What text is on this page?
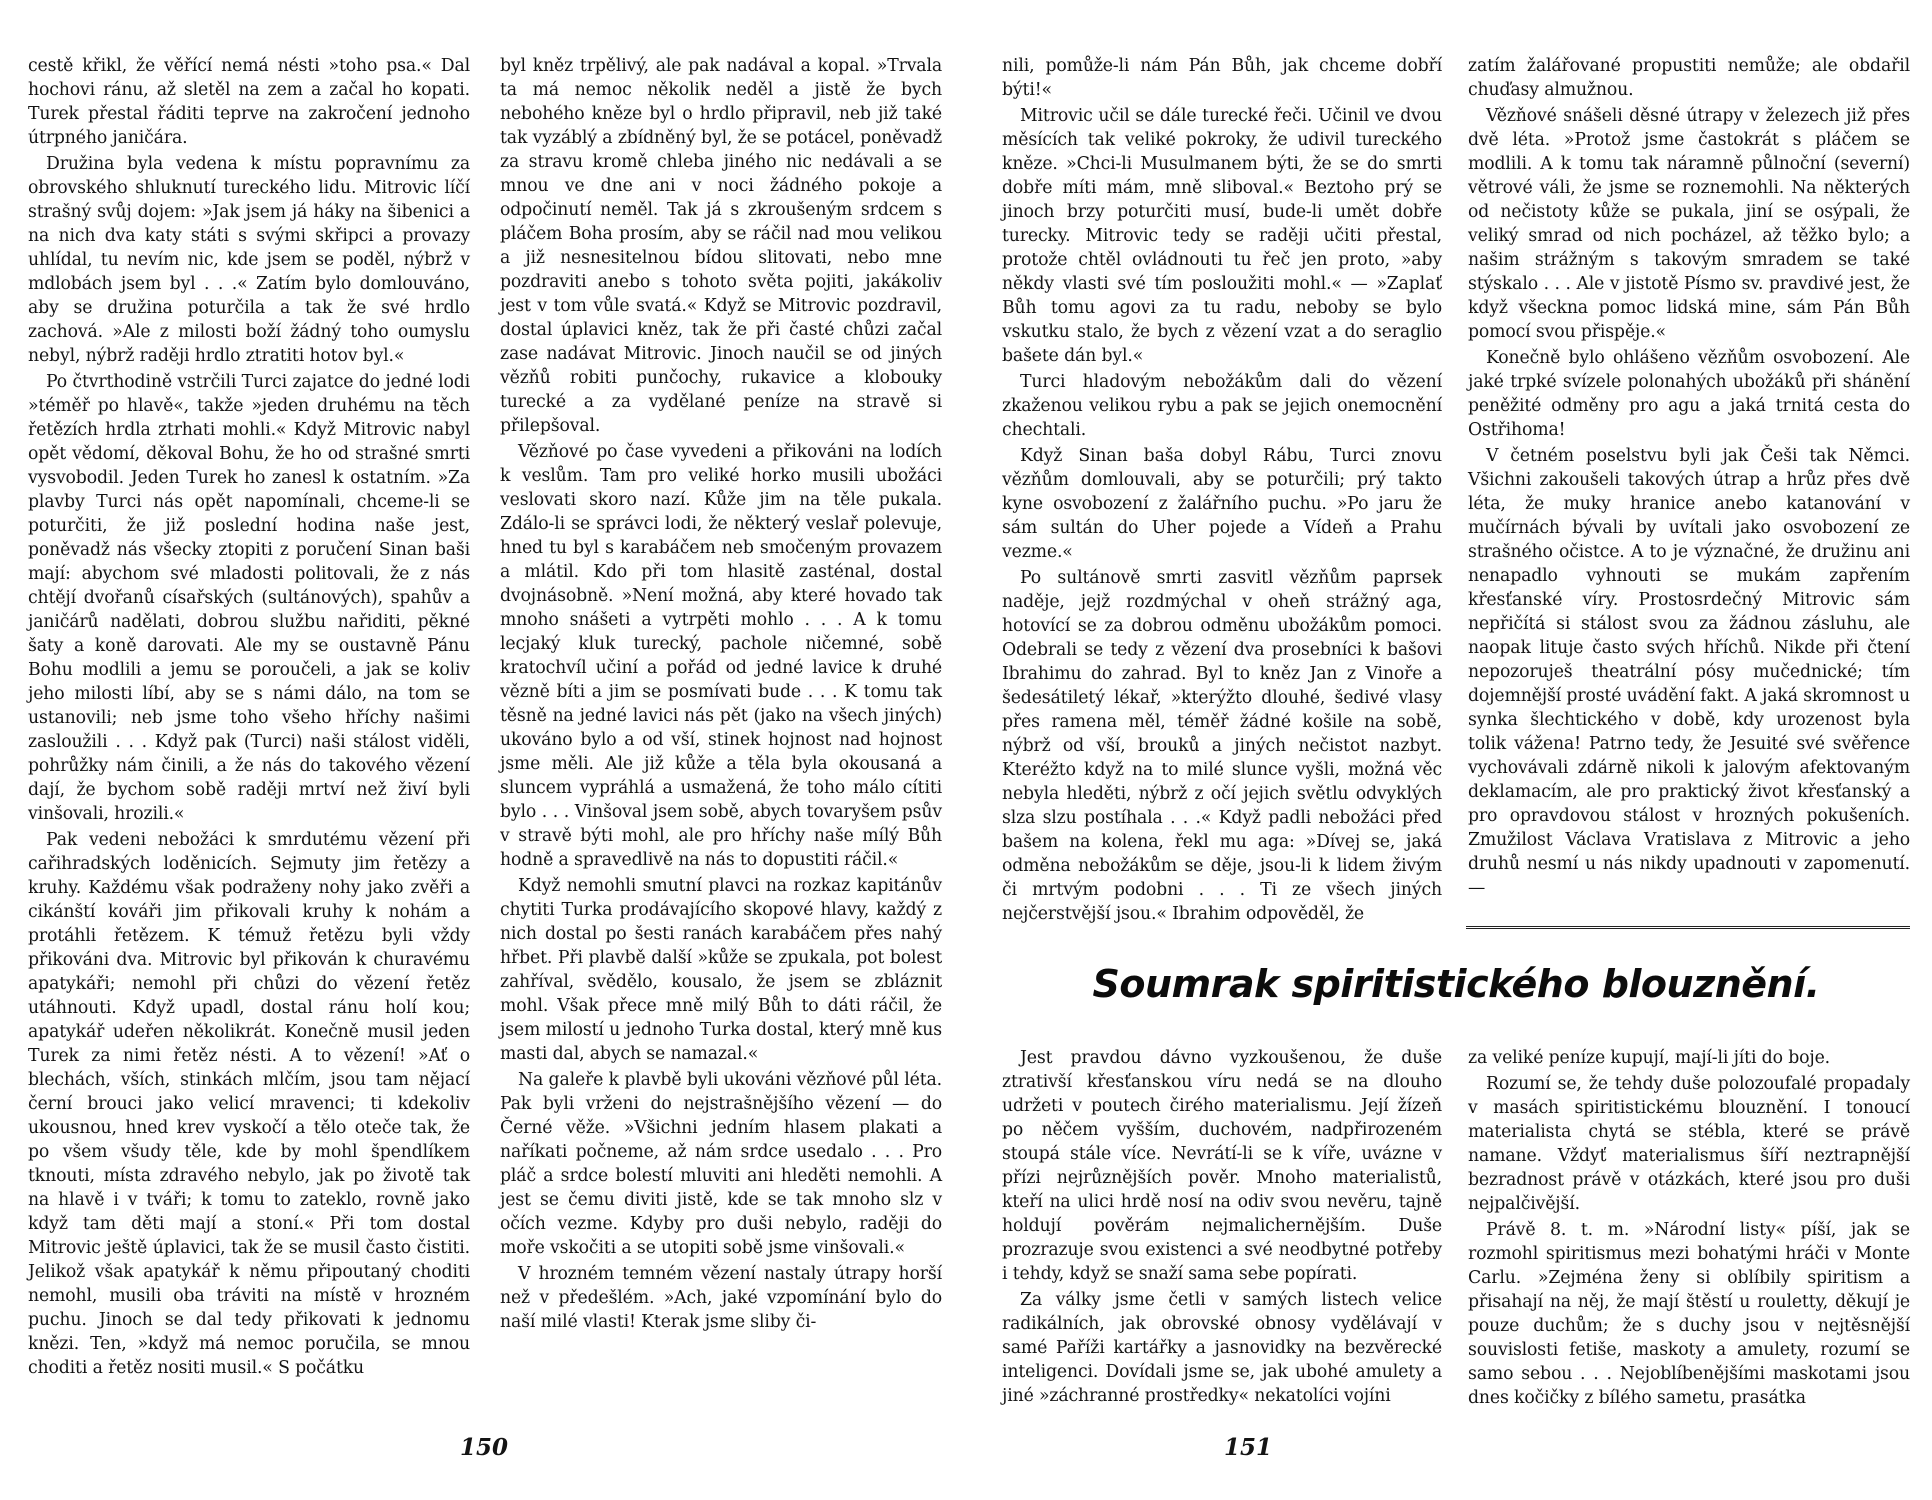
cestě křikl, že věřící nemá nésti »toho psa.« Dal hochovi ránu, až sletěl na zem a začal ho kopati. Turek přestal řáditi teprve na zakročení jednoho útrpného janičára.

Družina byla vedena k místu popravnímu za obrovského shluknutí tureckého lidu. Mitrovic líčí strašný svůj dojem: »Jak jsem já háky na šibenici a na nich dva katy státi s svými skřipci a provazy uhlídal, tu nevím nic, kde jsem se poděl, nýbrž v mdlobách jsem byl . . .« Zatím bylo domlouváno, aby se družina poturčila a tak že své hrdlo zachová. »Ale z milosti boží žádný toho oumyslu nebyl, nýbrž raději hrdlo ztratiti hotov byl.«

Po čtvrthodině vstrčili Turci zajatce do jedné lodi »téměř po hlavě«, takže »jeden druhému na těch řetězích hrdla ztrhati mohli.« Když Mitrovic nabyl opět vědomí, děkoval Bohu, že ho od strašné smrti vysvobodil. Jeden Turek ho zanesl k ostatním. »Za plavby Turci nás opět napomínali, chceme-li se poturčiti, že již poslední hodina naše jest, poněvadž nás všecky ztopiti z poručení Sinan baši mají: abychom své mladosti politovali, že z nás chtějí dvořanů císařských (sultánových), spahův a janičárů nadělati, dobrou službu nařiditi, pěkné šaty a koně darovati. Ale my se oustavně Pánu Bohu modlili a jemu se poroučeli, a jak se koliv jeho milosti líbí, aby se s námi dálo, na tom se ustanovili; neb jsme toho všeho hříchy našimi zasloužili . . . Když pak (Turci) naši stálost viděli, pohrůžky nám činili, a že nás do takového vězení dají, že bychom sobě raději mrtví než živí byli vinšovali, hrozili.«

Pak vedeni nebožáci k smrdutému vězení při cařihradských loděnicích. Sejmuty jim řetězy a kruhy. Každému však podraženy nohy jako zvěři a cikánští kováři jim přikovali kruhy k nohám a protáhli řetězem. K témuž řetězu byli vždy přikováni dva. Mitrovic byl přikován k churavému apatykáři; nemohl při chůzi do vězení řetěz utáhnouti. Když upadl, dostal ránu holí kou; apatykář udeřen několikrát. Konečně musil jeden Turek za nimi řetěz nésti. A to vězení! »Ať o blechách, vších, stinkách mlčím, jsou tam nějací černí brouci jako velicí mravenci; ti kdekoliv ukousnou, hned krev vyskočí a tělo oteče tak, že po všem všudy těle, kde by mohl špendlíkem tknouti, místa zdravého nebylo, jak po životě tak na hlavě i v tváři; k tomu to zateklo, rovně jako když tam děti mají a stoní.« Při tom dostal Mitrovic ještě úplavici, tak že se musil často čistiti. Jelikož však apatykář k němu připoutaný choditi nemohl, musili oba tráviti na místě v hrozném puchu. Jinoch se dal tedy přikovati k jednomu knězi. Ten, »když má nemoc poručila, se mnou choditi a řetěz nositi musil.« S počátku

byl kněz trpělivý, ale pak nadával a kopal. »Trvala ta má nemoc několik neděl a jistě že bych nebohého kněze byl o hrdlo připravil, neb již také tak vyzáblý a zbídněný byl, že se potácel, poněvadž za stravu kromě chleba jiného nic nedávali a se mnou ve dne ani v noci žádného pokoje a odpočinutí neměl. Tak já s zkroušeným srdcem s pláčem Boha prosím, aby se ráčil nad mou velikou a již nesnesitelnou bídou slitovati, nebo mne pozdraviti anebo s tohoto světa pojiti, jakákoliv jest v tom vůle svatá.« Když se Mitrovic pozdravil, dostal úplavici kněz, tak že při časté chůzi začal zase nadávat Mitrovic. Jinoch naučil se od jiných vězňů robiti punčochy, rukavice a klobouky turecké a za vydělané peníze na stravě si přilepšoval.

Vězňové po čase vyvedeni a přikováni na lodích k veslům. Tam pro veliké horko musili ubožáci veslovati skoro nazí. Kůže jim na těle pukala. Zdálo-li se správci lodi, že některý veslař polevuje, hned tu byl s karabáčem neb smočeným provazem a mlátil. Kdo při tom hlasitě zasténal, dostal dvojnásobně. »Není možná, aby které hovado tak mnoho snášeti a vytrpěti mohlo . . . A k tomu lecjaký kluk turecký, pachole ničemné, sobě kratochvíl učiní a pořád od jedné lavice k druhé vězně bíti a jim se posmívati bude . . . K tomu tak těsně na jedné lavici nás pět (jako na všech jiných) ukováno bylo a od vší, stinek hojnost nad hojnost jsme měli. Ale již kůže a těla byla okousaná a sluncem vypráhlá a usmažená, že toho málo cítiti bylo . . . Vinšoval jsem sobě, abych tovaryšem psův v stravě býti mohl, ale pro hříchy naše mílý Bůh hodně a spravedlivě na nás to dopustiti ráčil.«

Když nemohli smutní plavci na rozkaz kapitánův chytiti Turka prodávajícího skopové hlavy, každý z nich dostal po šesti ranách karabáčem přes nahý hřbet. Při plavbě další »kůže se zpukala, pot bolest zahříval, svědělo, kousalo, že jsem se zbláznit mohl. Však přece mně milý Bůh to dáti ráčil, že jsem milostí u jednoho Turka dostal, který mně kus masti dal, abych se namazal.«

Na galeře k plavbě byli ukováni vězňové půl léta. Pak byli vrženi do nejstrašnějšího vězení — do Černé věže. »Všichni jedním hlasem plakati a naříkati počneme, až nám srdce usedalo . . . Pro pláč a srdce bolestí mluviti ani hleděti nemohli. A jest se čemu diviti jistě, kde se tak mnoho slz v očích vezme. Kdyby pro duši nebylo, raději do moře vskočiti a se utopiti sobě jsme vinšovali.«

V hrozném temném vězení nastaly útrapy horší než v předešlém. »Ach, jaké vzpomínání bylo do naší milé vlasti! Kterak jsme sliby či-

150

nili, pomůže-li nám Pán Bůh, jak chceme dobří býti!«

Mitrovic učil se dále turecké řeči. Učinil ve dvou měsících tak veliké pokroky, že udivil tureckého kněze. »Chci-li Musulmanem býti, že se do smrti dobře míti mám, mně sliboval.« Beztoho prý se jinoch brzy poturčiti musí, bude-li umět dobře turecky. Mitrovic tedy se raději učiti přestal, protože chtěl ovládnouti tu řeč jen proto, »aby někdy vlasti své tím posloužiti mohl.« — »Zaplať Bůh tomu agovi za tu radu, neboby se bylo vskutku stalo, že bych z vězení vzat a do seraglio bašete dán byl.«

Turci hladovým nebožákům dali do vězení zkaženou velikou rybu a pak se jejich onemocnění chechtali.

Když Sinan baša dobyl Rábu, Turci znovu vězňům domlouvali, aby se poturčili; prý takto kyne osvobození z žalářního puchu. »Po jaru že sám sultán do Uher pojede a Vídeň a Prahu vezme.«

Po sultánově smrti zasvitl vězňům paprsek naděje, jejž rozdmýchal v oheň strážný aga, hotovící se za dobrou odměnu ubožákům pomoci. Odebrali se tedy z vězení dva prosebníci k bašovi Ibrahimu do zahrad. Byl to kněz Jan z Vinoře a šedesátiletý lékař, »kterýžto dlouhé, šedivé vlasy přes ramena měl, téměř žádné košile na sobě, nýbrž od vší, brouků a jiných nečistot nazbyt. Kteréžto když na to milé slunce vyšli, možná věc nebyla hleděti, nýbrž z očí jejich světlu odvyklých slza slzu postíhala . . .« Když padli nebožáci před bašem na kolena, řekl mu aga: »Dívej se, jaká odměna nebožákům se děje, jsou-li k lidem živým či mrtvým podobni . . . Ti ze všech jiných nejčerstvější jsou.« Ibrahim odpověděl, že

zatím žalářované propustiti nemůže; ale obdařil chuďasy almužnou.

Vězňové snášeli děsné útrapy v železech již přes dvě léta. »Protož jsme častokrát s pláčem se modlili. A k tomu tak náramně půlnoční (severní) větrové váli, že jsme se roznemohli. Na některých od nečistoty kůže se pukala, jiní se osýpali, že veliký smrad od nich pocházel, až těžko bylo; a našim strážným s takovým smradem se také stýskalo . . . Ale v jistotě Písmo sv. pravdivé jest, že když všeckna pomoc lidská mine, sám Pán Bůh pomocí svou přispěje.«

Konečně bylo ohlášeno vězňům osvobození. Ale jaké trpké svízele polonahých ubožáků při shánění peněžité odměny pro agu a jaká trnitá cesta do Ostřihoma!

V četném poselstvu byli jak Češi tak Němci. Všichni zakoušeli takových útrap a hrůz přes dvě léta, že muky hranice anebo katanování v mučírnách bývali by uvítali jako osvobození ze strašného očistce. A to je význačné, že družinu ani nenapadlo vyhnouti se mukám zapřením křesťanské víry. Prostosrdečný Mitrovic sám nepřičítá si stálost svou za žádnou zásluhu, ale naopak lituje často svých hříchů. Nikde při čtení nepozoruješ theatrální pósy mučednické; tím dojemnější prosté uvádění fakt. A jaká skromnost u synka šlechtického v době, kdy urozenost byla tolik vážena! Patrno tedy, že Jesuité své svěřence vychovávali zdárně nikoli k jalovým afektovaným deklamacím, ale pro praktický život křesťanský a pro opravdovou stálost v hrozných pokušeních. Zmužilost Václava Vratislava z Mitrovic a jeho druhů nesmí u nás nikdy upadnouti v zapomenutí. —

Soumrak spiritistického blouznění.

Jest pravdou dávno vyzkoušenou, že duše ztrativší křesťanskou víru nedá se na dlouho udržeti v poutech čirého materialismu. Její žízeň po něčem vyšším, duchovém, nadpřirozeném stoupá stále více. Nevrátí-li se k víře, uvázne v přízi nejrůznějších pověr. Mnoho materialistů, kteří na ulici hrdě nosí na odiv svou nevěru, tajně holdují pověrám nejmalichernějším. Duše prozrazuje svou existenci a své neodbytné potřeby i tehdy, když se snaží sama sebe popírati.

Za války jsme četli v samých listech velice radikálních, jak obrovské obnosy vydělávají v samé Paříži kartářky a jasnovidky na bezvěrecké inteligenci. Dovídali jsme se, jak ubohé amulety a jiné »záchranné prostředky« nekatolíci vojíni

za veliké peníze kupují, mají-li jíti do boje.

Rozumí se, že tehdy duše polozoufalé propadaly v masách spiritistickému blouznění. I tonoucí materialista chytá se stébla, které se právě namane. Vždyť materialismus šíří neztrapnější bezradnost právě v otázkách, které jsou pro duši nejpalčivější.

Právě 8. t. m. »Národní listy« píší, jak se rozmohl spiritismus mezi bohatými hráči v Monte Carlu. »Zejména ženy si oblíbily spiritism a přisahají na něj, že mají štěstí u rouletty, děkují je pouze duchům; že s duchy jsou v nejtěsnější souvislosti fetiše, maskoty a amulety, rozumí se samo sebou . . . Nejoblíbenějšími maskotami jsou dnes kočičky z bílého sametu, prasátka

151
